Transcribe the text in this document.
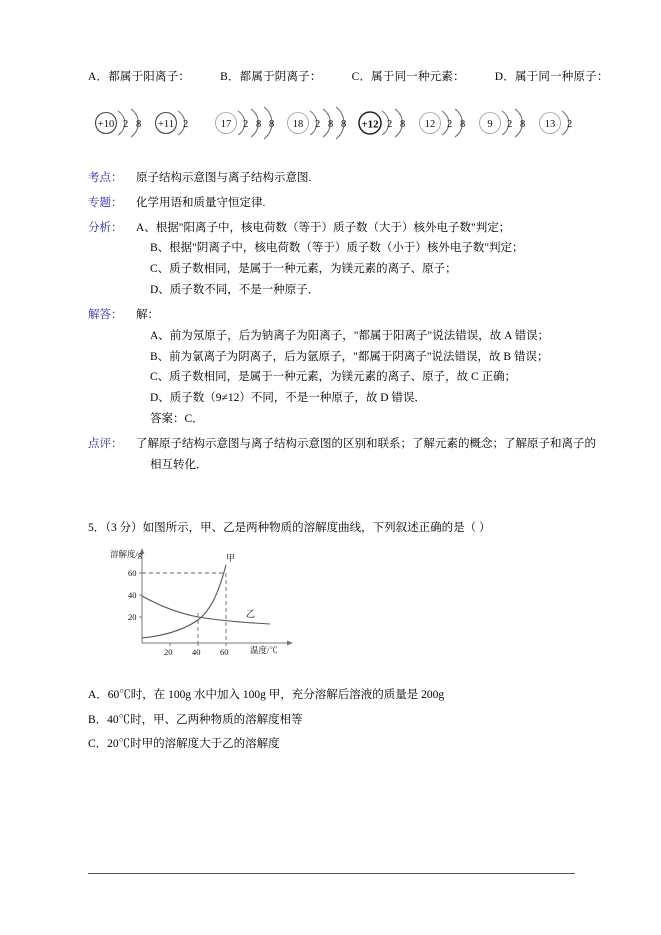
A．都属于阳离子：	B．都属于阴离子：	C．属于同一种元素：	D．属于同一种原子：
+10 2 8 +11 2	17 2 8 8 18 2 8 8 +12 2 8 12 2 8 9 2 8 13 2
考点：	原子结构示意图与离子结构示意图.
专题：	化学用语和质量守恒定律.
分析：	A、根据"阳离子中，核电荷数（等于）质子数（大于）核外电子数"判定；
B、根据"阴离子中，核电荷数（等于）质子数（小于）核外电子数"判定；
C、质子数相同，是属于一种元素，为镁元素的离子、原子；
D、质子数不同，不是一种原子．
解答：	解：
A、前为氖原子，后为钠离子为阳离子，"都属于阳离子"说法错误，故 A 错误；
B、前为氯离子为阴离子，后为氩原子，"都属于阴离子"说法错误，故 B 错误；
C、质子数相同，是属于一种元素，为镁元素的离子、原子，故 C 正确；
D、质子数（9≠12）不同，不是一种原子，故 D 错误．
答案：C．
点评：	了解原子结构示意图与离子结构示意图的区别和联系；了解元素的概念；了解原子和离子的
相互转化．
5．（3 分）如图所示，甲、乙是两种物质的溶解度曲线，下列叙述正确的是（ ）
溶解度/g
60
40
20
20 40 60	温度/℃
甲
乙
A．60℃时，在 100g 水中加入 100g 甲，充分溶解后溶液的质量是 200g
B．40℃时，甲、乙两种物质的溶解度相等
C．20℃时甲的溶解度大于乙的溶解度
